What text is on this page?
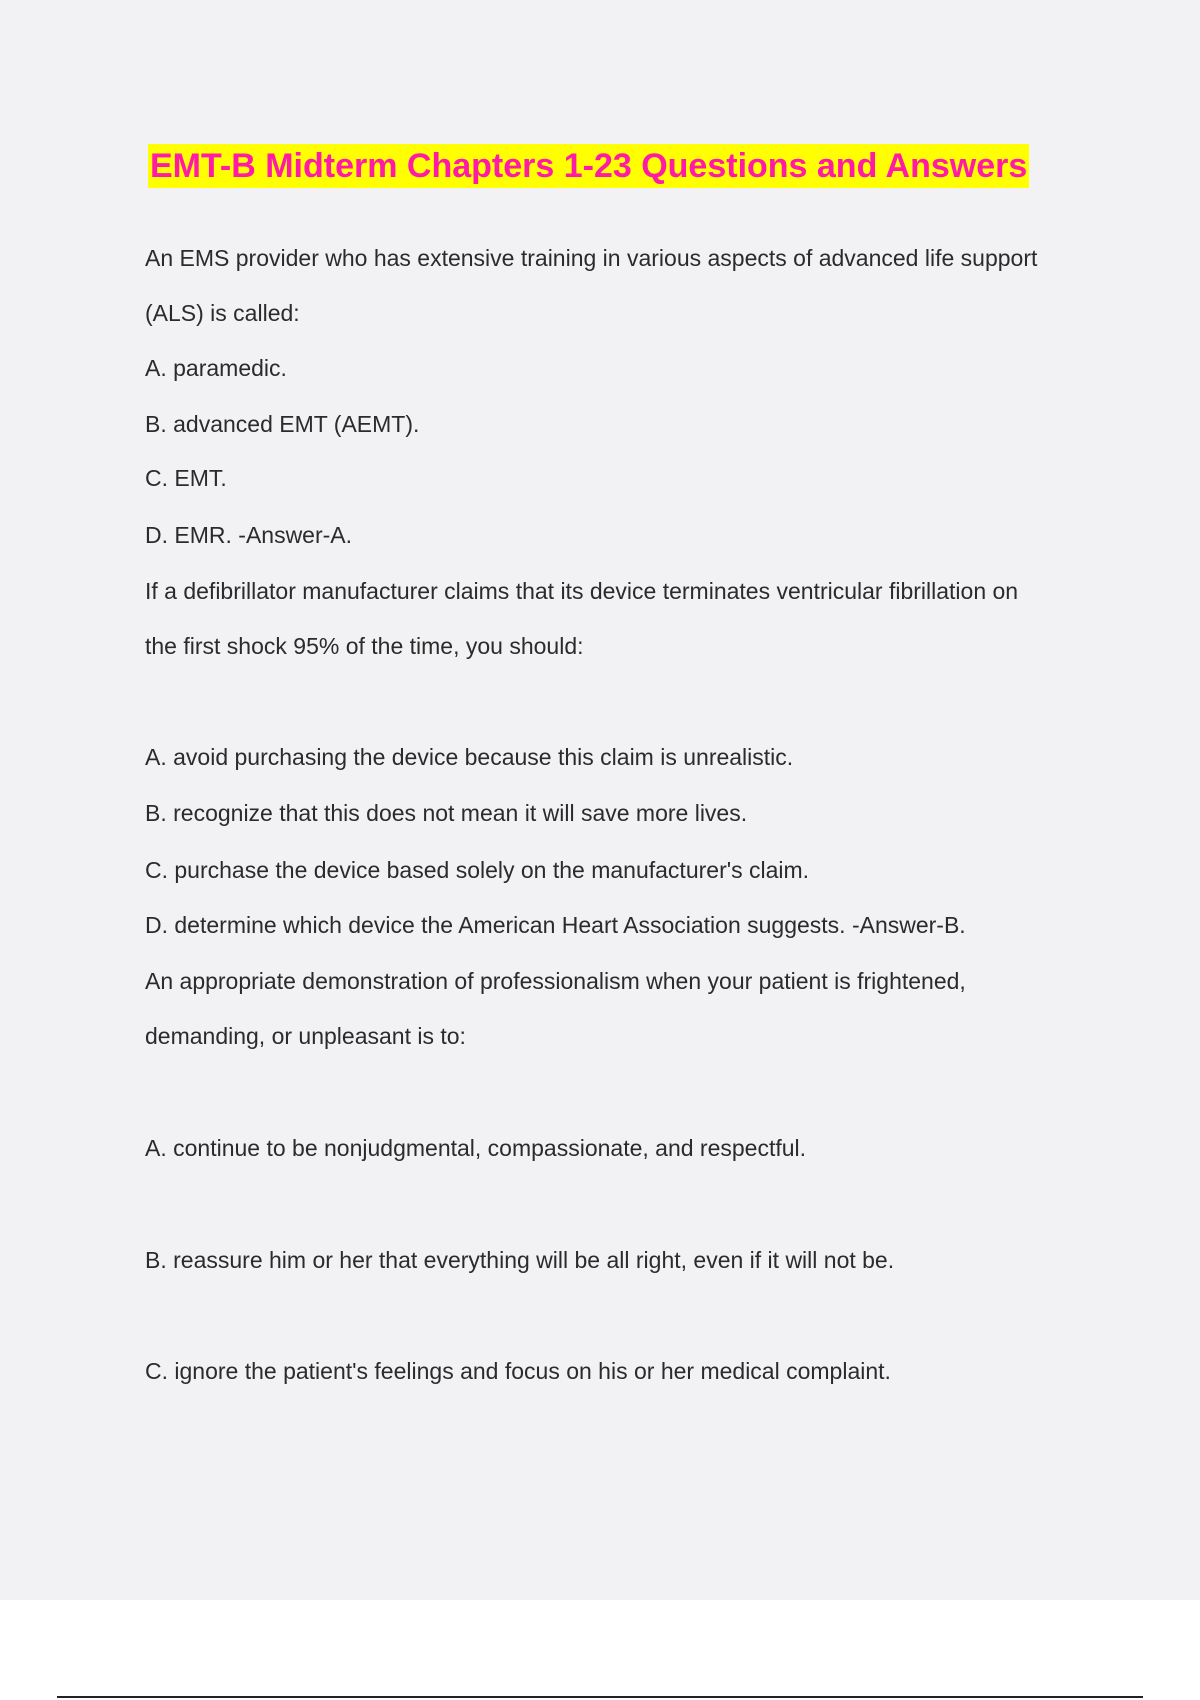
EMT-B Midterm Chapters 1-23 Questions and Answers
An EMS provider who has extensive training in various aspects of advanced life support
(ALS) is called:
A. paramedic.
B. advanced EMT (AEMT).
C. EMT.
D. EMR. -Answer-A.
If a defibrillator manufacturer claims that its device terminates ventricular fibrillation on
the first shock 95% of the time, you should:
A. avoid purchasing the device because this claim is unrealistic.
B. recognize that this does not mean it will save more lives.
C. purchase the device based solely on the manufacturer's claim.
D. determine which device the American Heart Association suggests. -Answer-B.
An appropriate demonstration of professionalism when your patient is frightened,
demanding, or unpleasant is to:
A. continue to be nonjudgmental, compassionate, and respectful.
B. reassure him or her that everything will be all right, even if it will not be.
C. ignore the patient's feelings and focus on his or her medical complaint.
